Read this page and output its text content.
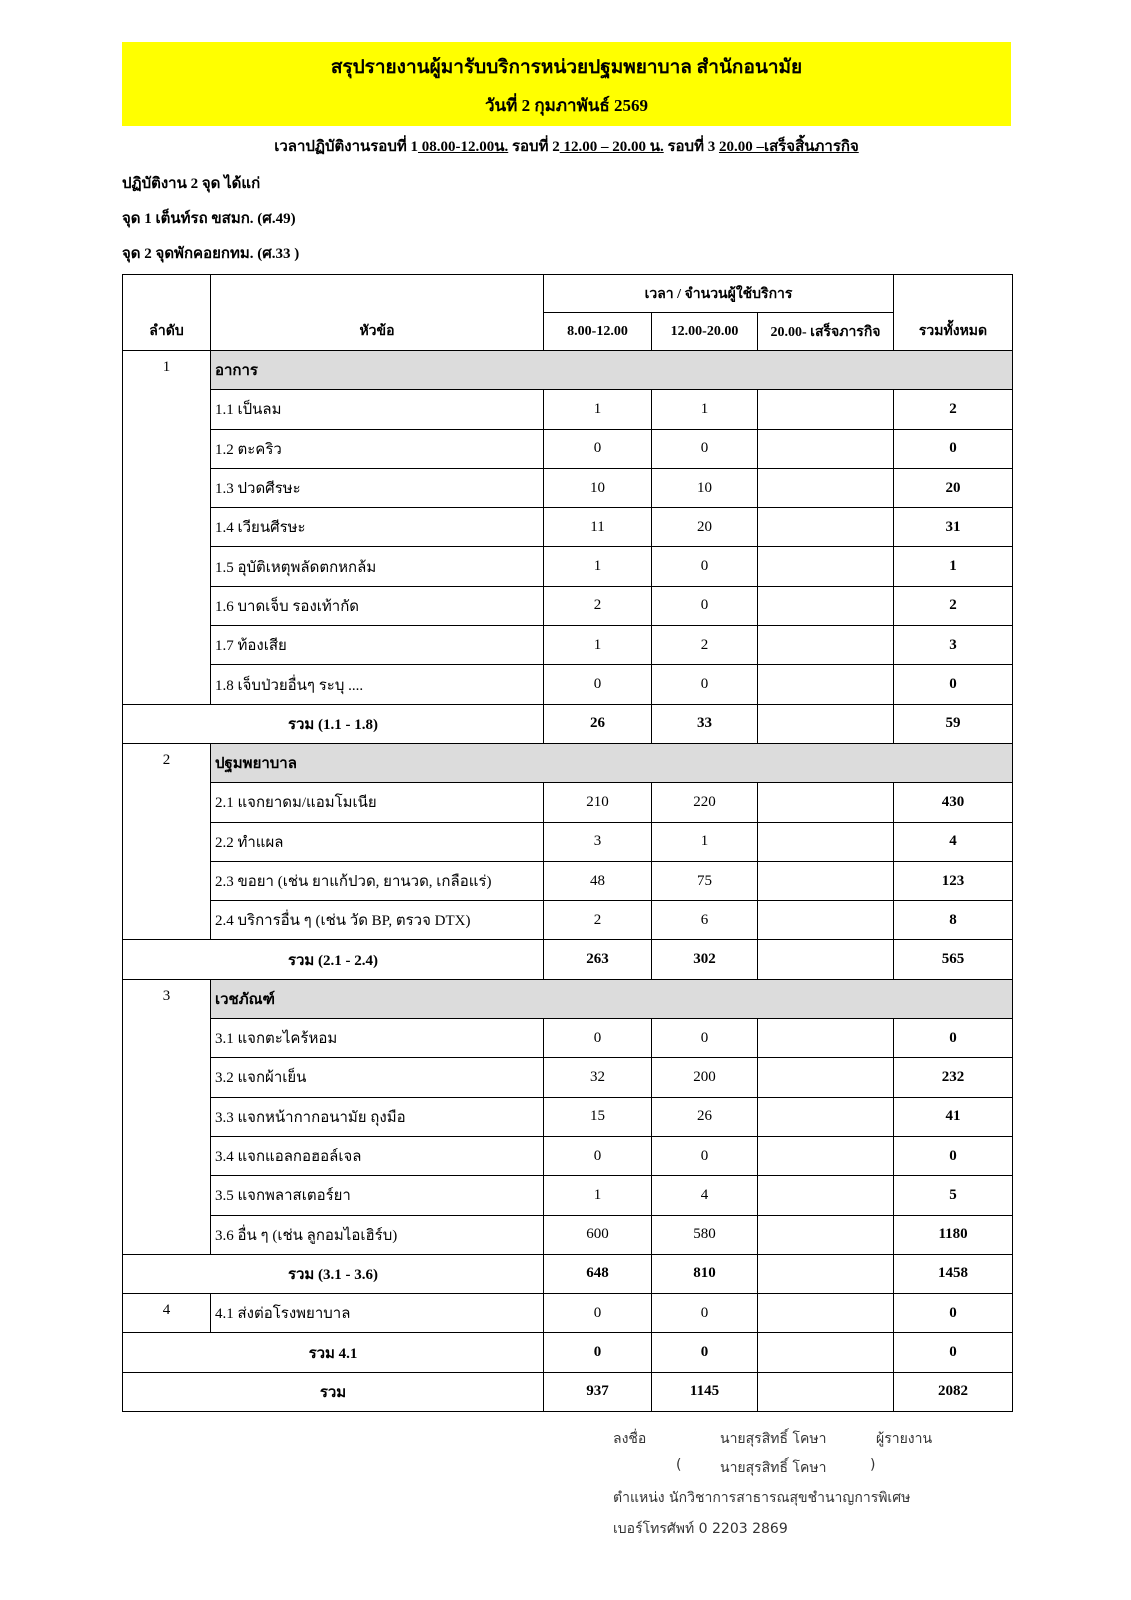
สรุปรายงานผู้มารับบริการหน่วยปฐมพยาบาล สำนักอนามัย
วันที่ 2 กุมภาพันธ์ 2569
เวลาปฏิบัติงานรอบที่ 1 08.00-12.00น. รอบที่ 2 12.00 – 20.00 น. รอบที่ 3 20.00 –เสร็จสิ้นภารกิจ
ปฏิบัติงาน 2 จุด ได้แก่
จุด 1 เต็นท์รถ ขสมก. (ศ.49)
จุด 2 จุดพักคอยกทม. (ศ.33 )
ลำดับ	หัวข้อ	เวลา / จำนวนผู้ใช้บริการ			รวมทั้งหมด
		8.00-12.00	12.00-20.00	20.00- เสร็จภารกิจ	
1	อาการ				
	1.1 เป็นลม	1	1		2
	1.2 ตะคริว	0	0		0
	1.3 ปวดศีรษะ	10	10		20
	1.4 เวียนศีรษะ	11	20		31
	1.5 อุบัติเหตุพลัดตกหกล้ม	1	0		1
	1.6 บาดเจ็บ รองเท้ากัด	2	0		2
	1.7 ท้องเสีย	1	2		3
	1.8 เจ็บป่วยอื่นๆ ระบุ ....	0	0		0
รวม (1.1 - 1.8)		26	33		59
2	ปฐมพยาบาล				
	2.1 แจกยาดม/แอมโมเนีย	210	220		430
	2.2 ทำแผล	3	1		4
	2.3 ขอยา (เช่น ยาแก้ปวด, ยานวด, เกลือแร่)	48	75		123
	2.4 บริการอื่น ๆ (เช่น วัด BP, ตรวจ DTX)	2	6		8
รวม (2.1 - 2.4)		263	302		565
3	เวชภัณฑ์				
	3.1 แจกตะไคร้หอม	0	0		0
	3.2 แจกผ้าเย็น	32	200		232
	3.3 แจกหน้ากากอนามัย ถุงมือ	15	26		41
	3.4 แจกแอลกอฮอล์เจล	0	0		0
	3.5 แจกพลาสเตอร์ยา	1	4		5
	3.6 อื่น ๆ (เช่น ลูกอมไอเฮิร์บ)	600	580		1180
รวม (3.1 - 3.6)		648	810		1458
4	4.1 ส่งต่อโรงพยาบาล	0	0		0
รวม 4.1		0	0		0
รวม		937	1145		2082
ลงชื่อ	นายสุรสิทธิ์ โคษา	ผู้รายงาน
(	นายสุรสิทธิ์ โคษา	)
ตำแหน่ง นักวิชาการสาธารณสุขชำนาญการพิเศษ
เบอร์โทรศัพท์ 0 2203 2869
